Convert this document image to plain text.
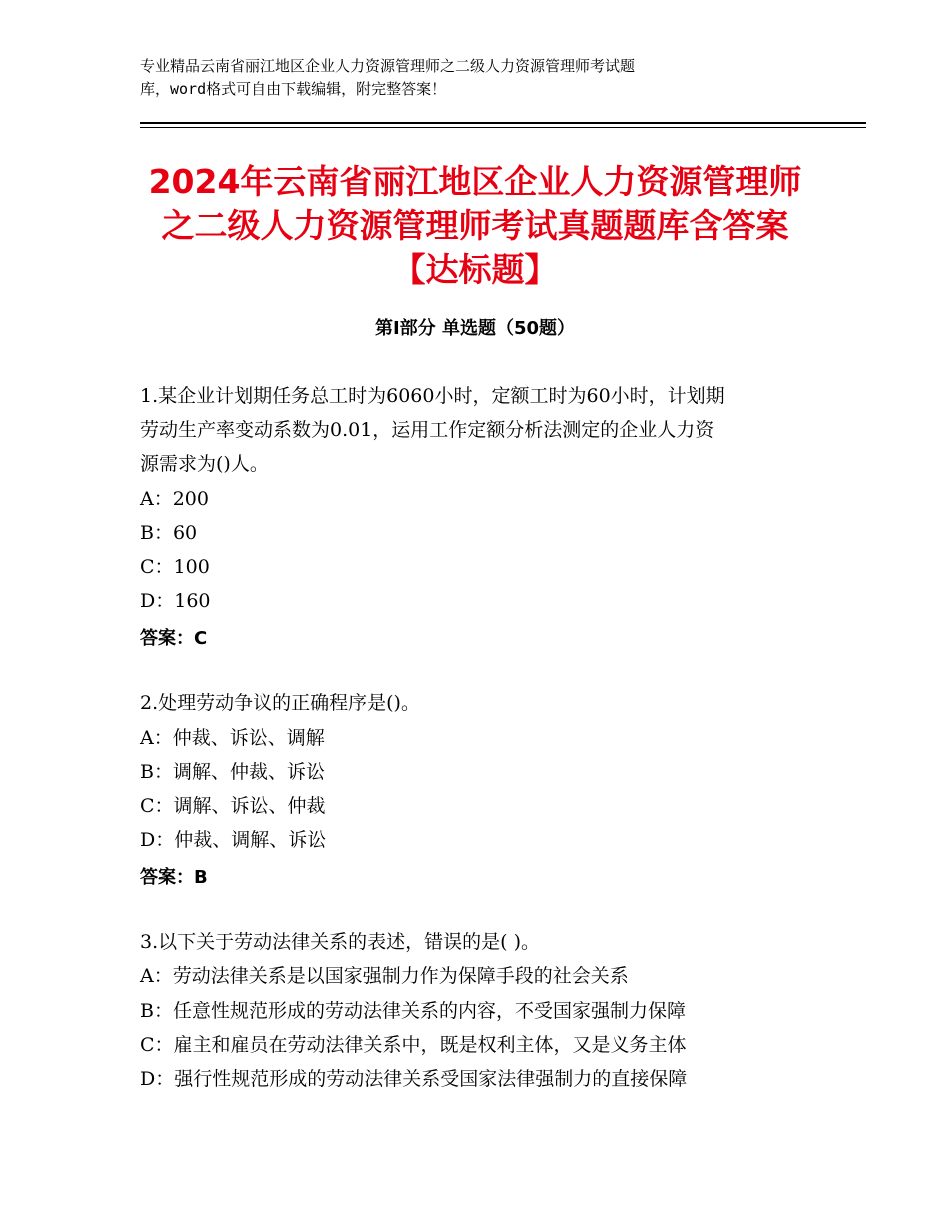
专业精品云南省丽江地区企业人力资源管理师之二级人力资源管理师考试题
库，word格式可自由下载编辑，附完整答案！
2024年云南省丽江地区企业人力资源管理师
之二级人力资源管理师考试真题题库含答案
【达标题】
第Ⅰ部分 单选题（50题）
1.某企业计划期任务总工时为6060小时，定额工时为60小时，计划期
劳动生产率变动系数为0.01，运用工作定额分析法测定的企业人力资
源需求为()人。
A：200
B：60
C：100
D：160
答案：C
2.处理劳动争议的正确程序是()。
A：仲裁、诉讼、调解
B：调解、仲裁、诉讼
C：调解、诉讼、仲裁
D：仲裁、调解、诉讼
答案：B
3.以下关于劳动法律关系的表述，错误的是( )。
A：劳动法律关系是以国家强制力作为保障手段的社会关系
B：任意性规范形成的劳动法律关系的内容，不受国家强制力保障
C：雇主和雇员在劳动法律关系中，既是权利主体，又是义务主体
D：强行性规范形成的劳动法律关系受国家法律强制力的直接保障
